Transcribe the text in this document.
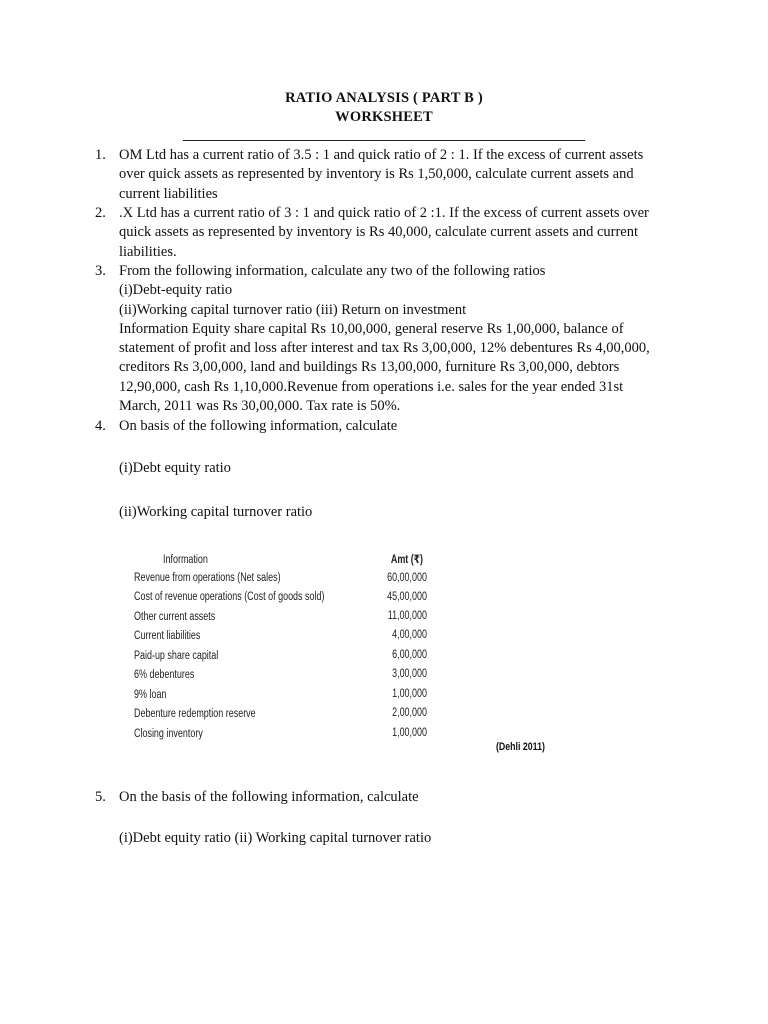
RATIO ANALYSIS ( PART B )
WORKSHEET
1. OM Ltd has a current ratio of 3.5 : 1 and quick ratio of 2 : 1. If the excess of current assets
over quick assets as represented by inventory is Rs 1,50,000, calculate current assets and
current liabilities
2. .X Ltd has a current ratio of 3 : 1 and quick ratio of 2 :1. If the excess of current assets over
quick assets as represented by inventory is Rs 40,000, calculate current assets and current
liabilities.
3. From the following information, calculate any two of the following ratios
(i)Debt-equity ratio
(ii)Working capital turnover ratio (iii) Return on investment
Information Equity share capital Rs 10,00,000, general reserve Rs 1,00,000, balance of
statement of profit and loss after interest and tax Rs 3,00,000, 12% debentures Rs 4,00,000,
creditors Rs 3,00,000, land and buildings Rs 13,00,000, furniture Rs 3,00,000, debtors
12,90,000, cash Rs 1,10,000.Revenue from operations i.e. sales for the year ended 31st
March, 2011 was Rs 30,00,000. Tax rate is 50%.
4. On basis of the following information, calculate
(i)Debt equity ratio
(ii)Working capital turnover ratio
Information	Amt (₹)
Revenue from operations (Net sales)	60,00,000
Cost of revenue operations (Cost of goods sold)	45,00,000
Other current assets	11,00,000
Current liabilities	4,00,000
Paid-up share capital	6,00,000
6% debentures	3,00,000
9% loan	1,00,000
Debenture redemption reserve	2,00,000
Closing inventory	1,00,000
(Dehli 2011)
5. On the basis of the following information, calculate
(i)Debt equity ratio (ii) Working capital turnover ratio
